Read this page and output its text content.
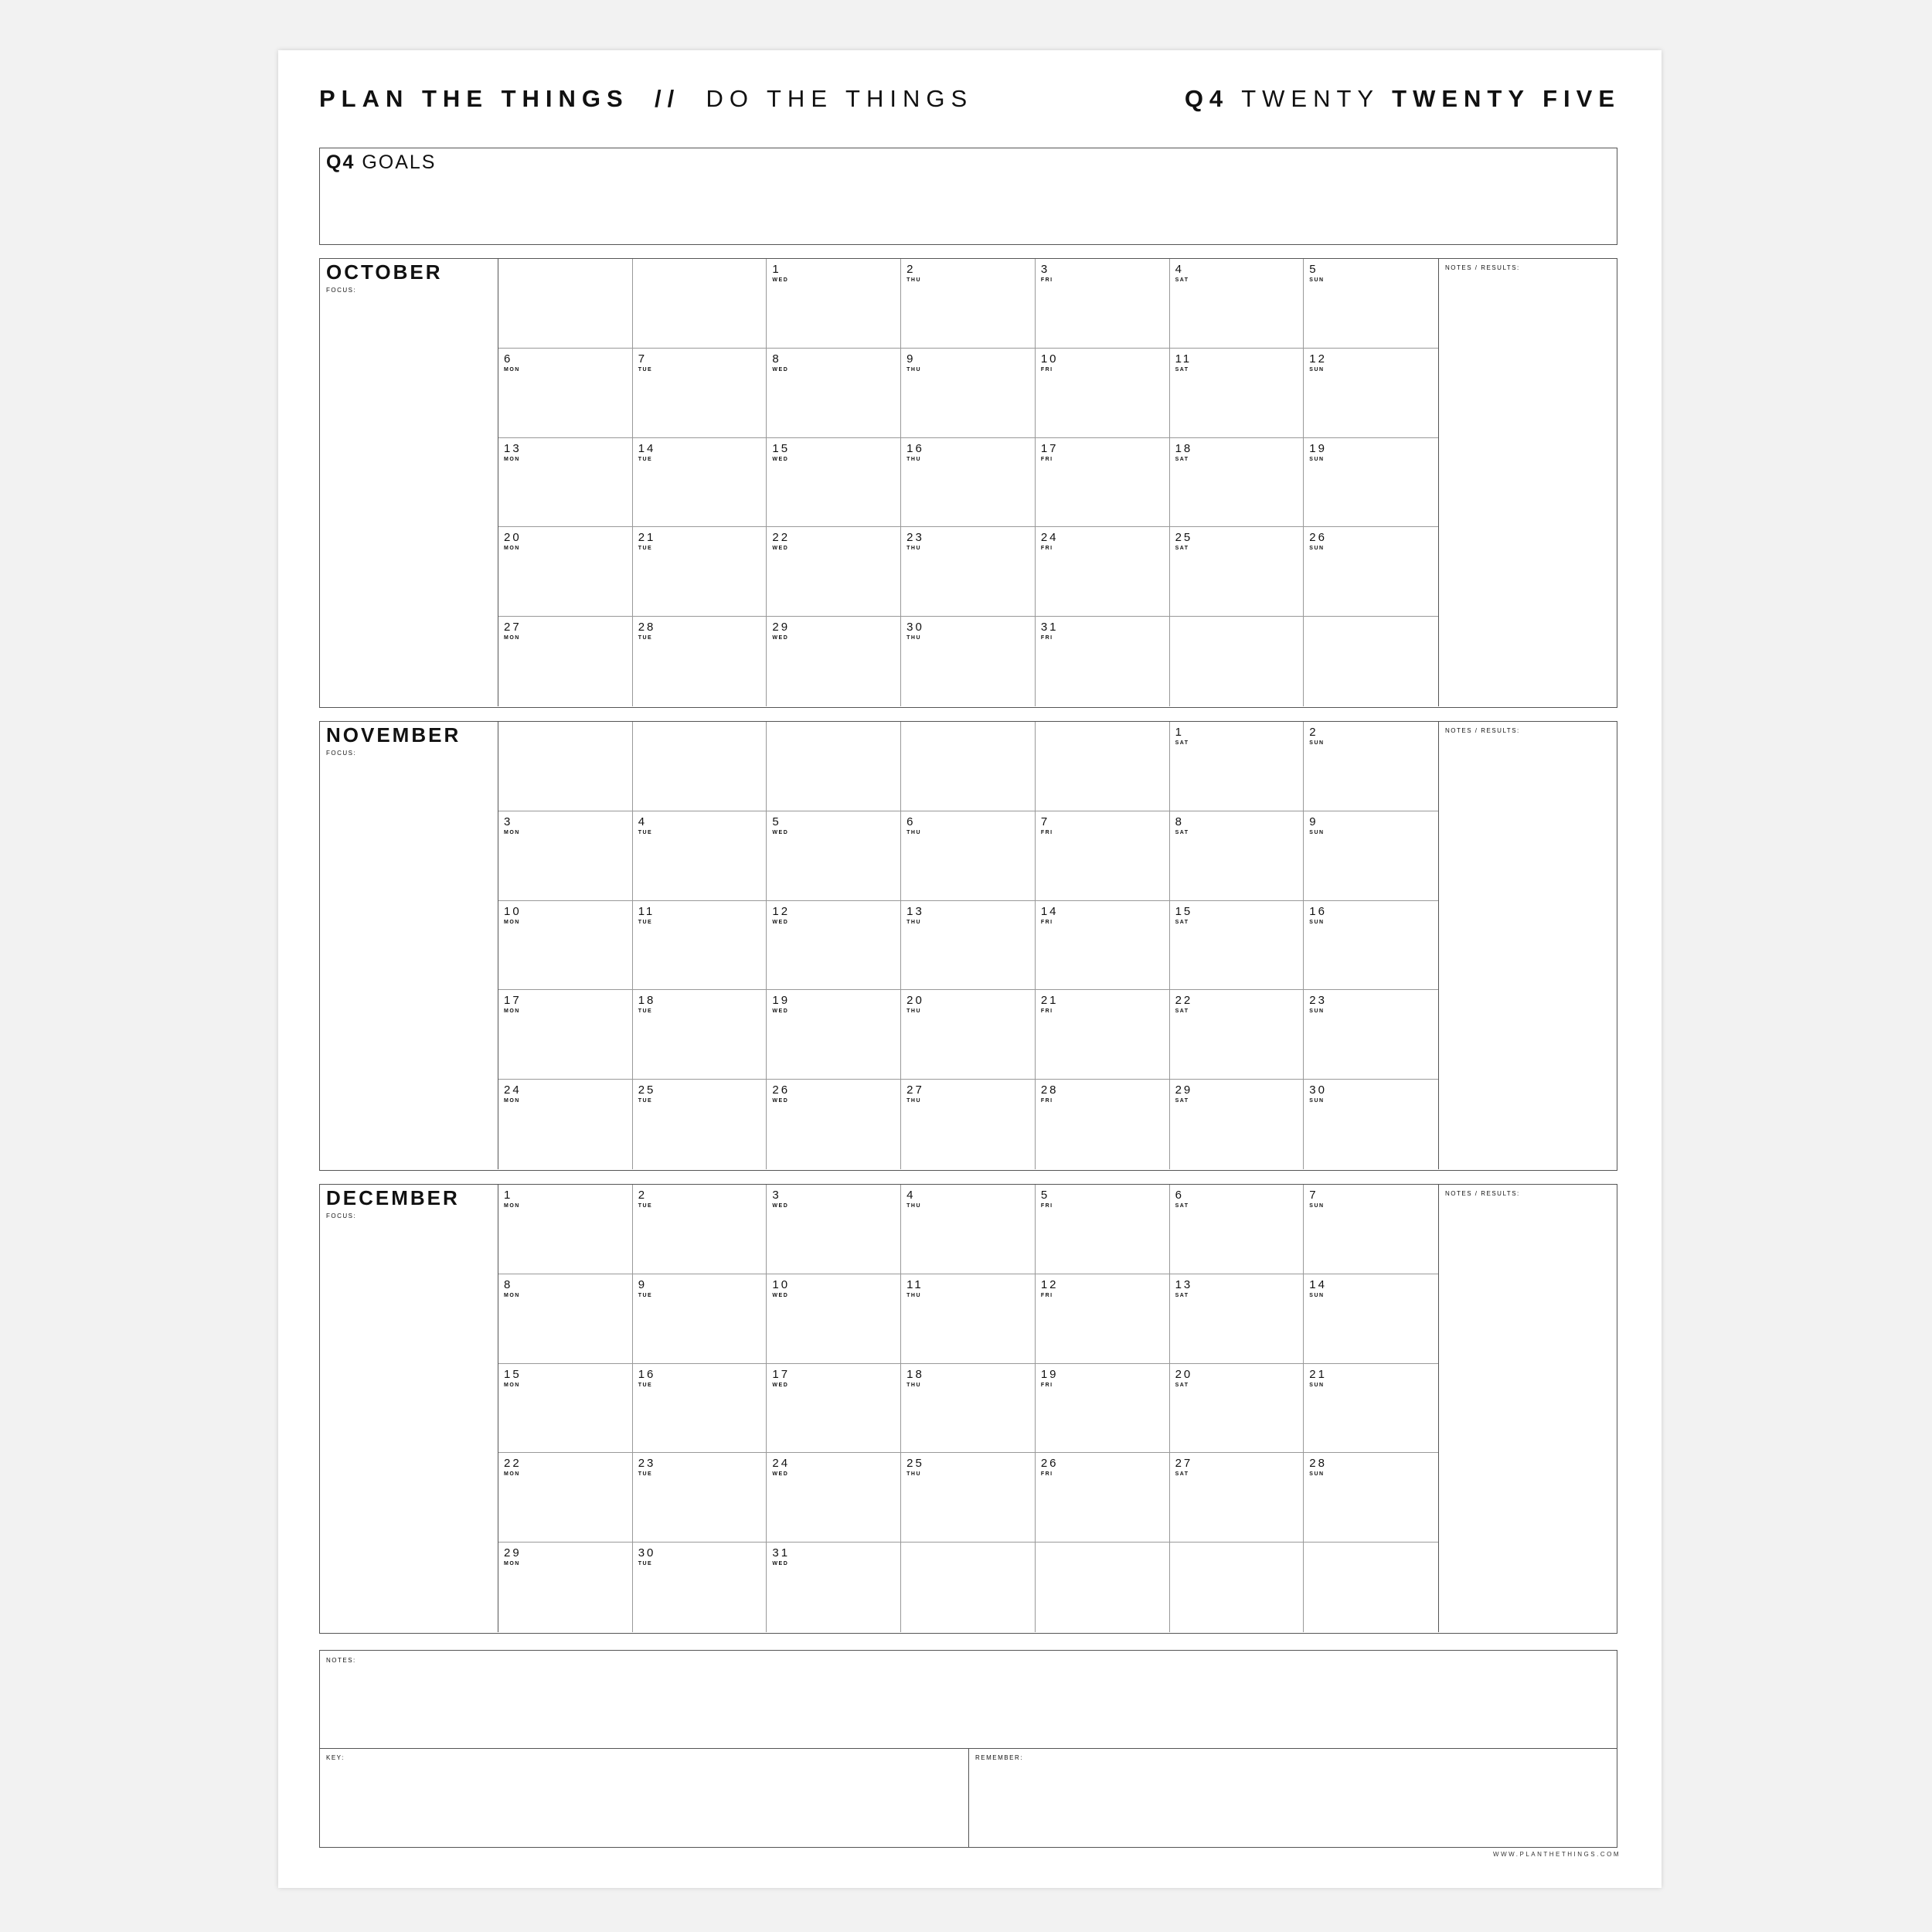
PLAN THE THINGS // DO THE THINGS	Q4 TWENTY TWENTY FIVE
Q4 GOALS
OCTOBER
FOCUS:
1
WED
2
THU
3
FRI
4
SAT
5
SUN
6
MON
7
TUE
8
WED
9
THU
10
FRI
11
SAT
12
SUN
13
MON
14
TUE
15
WED
16
THU
17
FRI
18
SAT
19
SUN
20
MON
21
TUE
22
WED
23
THU
24
FRI
25
SAT
26
SUN
27
MON
28
TUE
29
WED
30
THU
31
FRI
NOTES / RESULTS:
NOVEMBER
FOCUS:
1
SAT
2
SUN
3
MON
4
TUE
5
WED
6
THU
7
FRI
8
SAT
9
SUN
10
MON
11
TUE
12
WED
13
THU
14
FRI
15
SAT
16
SUN
17
MON
18
TUE
19
WED
20
THU
21
FRI
22
SAT
23
SUN
24
MON
25
TUE
26
WED
27
THU
28
FRI
29
SAT
30
SUN
NOTES / RESULTS:
DECEMBER
FOCUS:
1
MON
2
TUE
3
WED
4
THU
5
FRI
6
SAT
7
SUN
8
MON
9
TUE
10
WED
11
THU
12
FRI
13
SAT
14
SUN
15
MON
16
TUE
17
WED
18
THU
19
FRI
20
SAT
21
SUN
22
MON
23
TUE
24
WED
25
THU
26
FRI
27
SAT
28
SUN
29
MON
30
TUE
31
WED
NOTES / RESULTS:
NOTES:
KEY:	REMEMBER:
WWW.PLANTHETHINGS.COM
